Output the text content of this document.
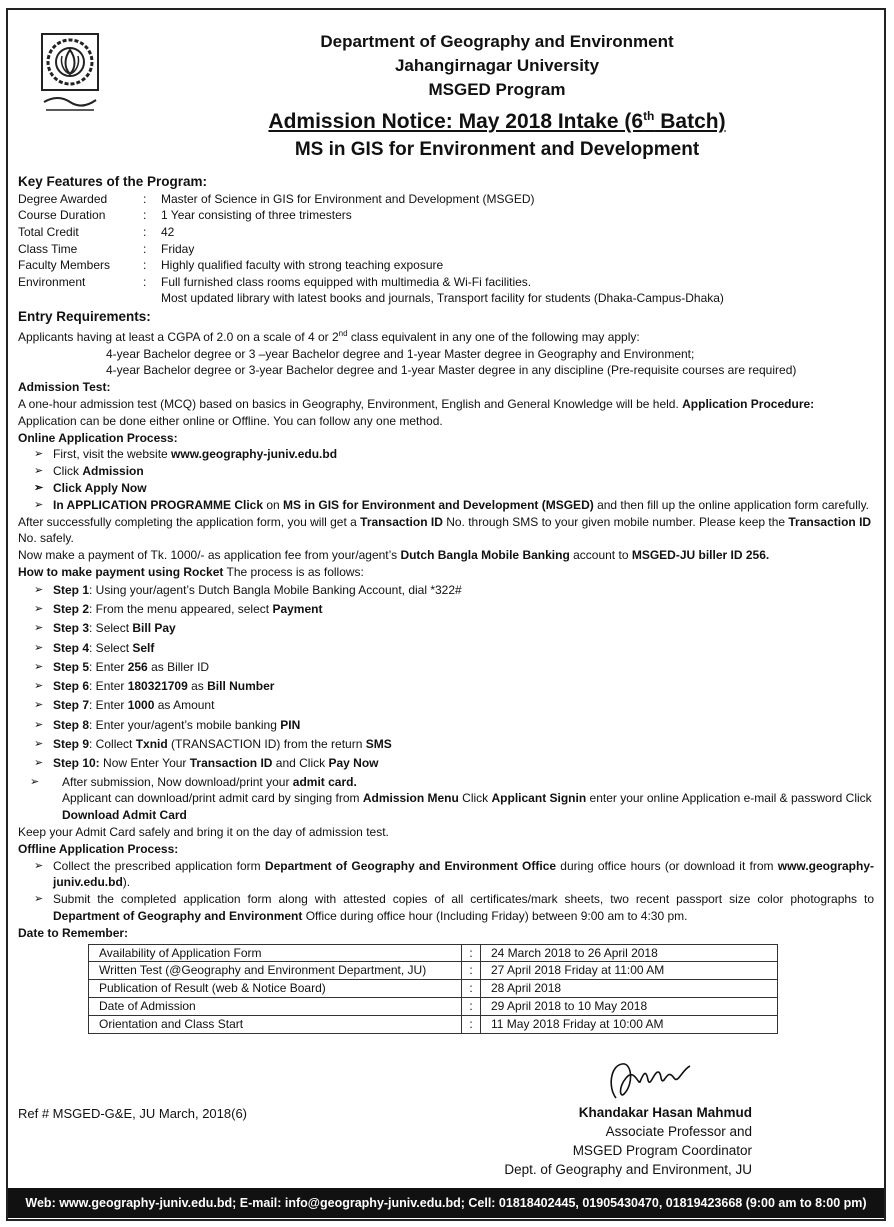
Department of Geography and Environment
Jahangirnagar University
MSGED Program
Admission Notice: May 2018 Intake (6th Batch)
MS in GIS for Environment and Development
Key Features of the Program:
Degree Awarded	:	Master of Science in GIS for Environment and Development (MSGED)
Course Duration	:	1 Year consisting of three trimesters
Total Credit	:	42
Class Time	:	Friday
Faculty Members	:	Highly qualified faculty with strong teaching exposure
Environment	:	Full furnished class rooms equipped with multimedia & Wi-Fi facilities.
Most updated library with latest books and journals, Transport facility for students (Dhaka-Campus-Dhaka)
Entry Requirements:
Applicants having at least a CGPA of 2.0 on a scale of 4 or 2nd class equivalent in any one of the following may apply:
4-year Bachelor degree or 3 –year Bachelor degree and 1-year Master degree in Geography and Environment;
4-year Bachelor degree or 3-year Bachelor degree and 1-year Master degree in any discipline (Pre-requisite courses are required)
Admission Test:
A one-hour admission test (MCQ) based on basics in Geography, Environment, English and General Knowledge will be held. Application Procedure: Application can be done either online or Offline. You can follow any one method.
Online Application Process:
➢ First, visit the website www.geography-juniv.edu.bd
➢ Click Admission
➢ Click Apply Now
➢ In APPLICATION PROGRAMME Click on MS in GIS for Environment and Development (MSGED) and then fill up the online application form carefully.
After successfully completing the application form, you will get a Transaction ID No. through SMS to your given mobile number. Please keep the Transaction ID No. safely.
Now make a payment of Tk. 1000/- as application fee from your/agent’s Dutch Bangla Mobile Banking account to MSGED-JU biller ID 256.
How to make payment using Rocket The process is as follows:
➢ Step 1: Using your/agent’s Dutch Bangla Mobile Banking Account, dial *322#
➢ Step 2: From the menu appeared, select Payment
➢ Step 3: Select Bill Pay
➢ Step 4: Select Self
➢ Step 5: Enter 256 as Biller ID
➢ Step 6: Enter 180321709 as Bill Number
➢ Step 7: Enter 1000 as Amount
➢ Step 8: Enter your/agent’s mobile banking PIN
➢ Step 9: Collect Txnid (TRANSACTION ID) from the return SMS
➢ Step 10: Now Enter Your Transaction ID and Click Pay Now
➢ After submission, Now download/print your admit card.
Applicant can download/print admit card by singing from Admission Menu Click Applicant Signin enter your online Application e-mail & password Click Download Admit Card
Keep your Admit Card safely and bring it on the day of admission test.
Offline Application Process:
➢ Collect the prescribed application form Department of Geography and Environment Office during office hours (or download it from www.geography-juniv.edu.bd).
➢ Submit the completed application form along with attested copies of all certificates/mark sheets, two recent passport size color photographs to Department of Geography and Environment Office during office hour (Including Friday) between 9:00 am to 4:30 pm.
Date to Remember:
Availability of Application Form	:	24 March 2018 to 26 April 2018
Written Test (@Geography and Environment Department, JU)	:	27 April 2018 Friday at 11:00 AM
Publication of Result (web & Notice Board)	:	28 April 2018
Date of Admission	:	29 April 2018 to 10 May 2018
Orientation and Class Start	:	11 May 2018 Friday at 10:00 AM
Ref # MSGED-G&E, JU March, 2018(6)	Khandakar Hasan Mahmud
Associate Professor and
MSGED Program Coordinator
Dept. of Geography and Environment, JU
Web: www.geography-juniv.edu.bd; E-mail: info@geography-juniv.edu.bd; Cell: 01818402445, 01905430470, 01819423668 (9:00 am to 8:00 pm)
